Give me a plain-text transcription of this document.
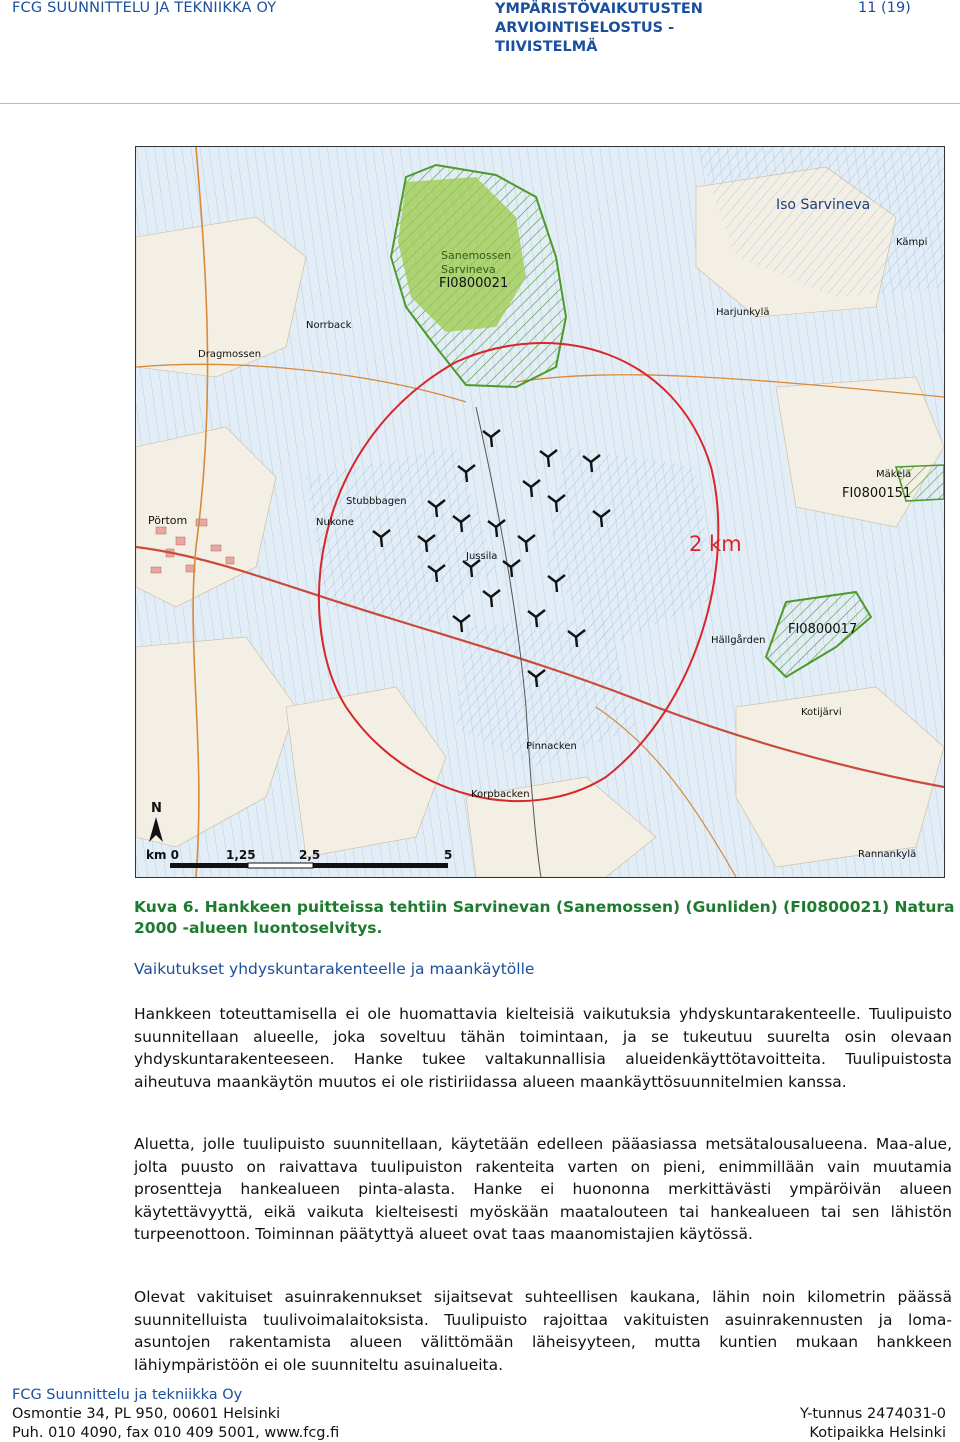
FCG SUUNNITTELU JA TEKNIIKKA OY	YMPÄRISTÖVAIKUTUSTEN ARVIOINTISELOSTUS - TIIVISTELMÄ
11 (19)
Sanemossen
Sarvineva
FI0800021
FI0800151
FI0800017
2 km
Iso Sarvineva
Pörtom
Norrback
Harjunkylä
Mäkelä
Nukone
Stubbbagen
Pinnacken
Korpbacken
Rannankylä
Kotijärvi
Kämpi
Dragmossen
Jussila
Hällgården
N
km 0	1,25	2,5	5
Kuva 6. Hankkeen puitteissa tehtiin Sarvinevan (Sanemossen) (Gunliden) (FI0800021) Natura 2000 -alueen luontoselvitys.
Vaikutukset yhdyskuntarakenteelle ja maankäytölle
Hankkeen toteuttamisella ei ole huomattavia kielteisiä vaikutuksia yhdyskuntarakenteelle. Tuulipuisto suunnitellaan alueelle, joka soveltuu tähän toimintaan, ja se tukeutuu suurelta osin olevaan yhdyskuntarakenteeseen. Hanke tukee valtakunnallisia alueidenkäyttötavoitteita. Tuulipuistosta aiheutuva maankäytön muutos ei ole ristiriidassa alueen maankäyttösuunnitelmien kanssa.
Aluetta, jolle tuulipuisto suunnitellaan, käytetään edelleen pääasiassa metsätalousalueena. Maa-alue, jolta puusto on raivattava tuulipuiston rakenteita varten on pieni, enimmillään vain muutamia prosentteja hankealueen pinta-alasta. Hanke ei huononna merkittävästi ympäröivän alueen käytettävyyttä, eikä vaikuta kielteisesti myöskään maatalouteen tai hankealueen tai sen lähistön turpeenottoon. Toiminnan päätyttyä alueet ovat taas maanomistajien käytössä.
Olevat vakituiset asuinrakennukset sijaitsevat suhteellisen kaukana, lähin noin kilometrin päässä suunnitelluista tuulivoimalaitoksista. Tuulipuisto rajoittaa vakituisten asuinrakennusten ja loma-asuntojen rakentamista alueen välittömään läheisyyteen, mutta kuntien mukaan hankkeen lähiympäristöön ei ole suunniteltu asuinalueita.
FCG Suunnittelu ja tekniikka Oy
Osmontie 34, PL 950, 00601 Helsinki
Puh. 010 4090, fax 010 409 5001, www.fcg.fi
Y-tunnus 2474031-0
Kotipaikka Helsinki
